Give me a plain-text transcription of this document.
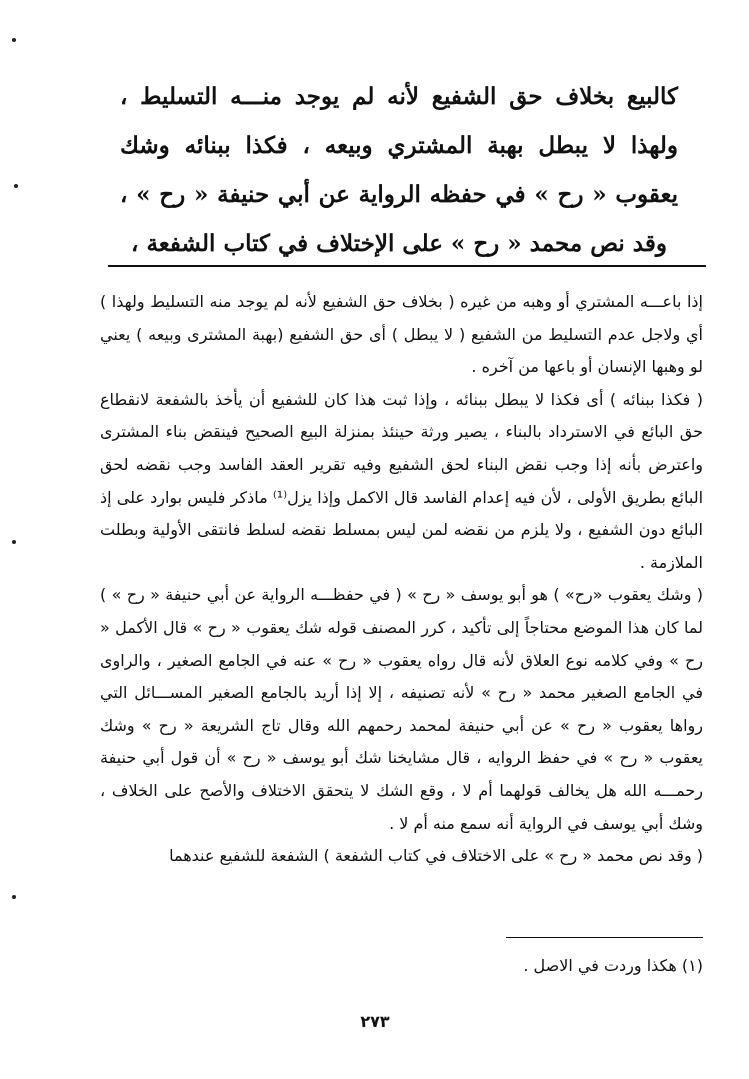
كالبيع بخلاف حق الشفيع لأنه لم يوجد منـــه التسليط ، ولهذا لا يبطل بهبة المشتري وبيعه ، فكذا ببنائه وشك يعقوب « رح » في حفظه الرواية عن أبي حنيفة « رح » ، وقد نص محمد « رح » على الإختلاف في كتاب الشفعة ،

إذا باعـــه المشتري أو وهبه من غيره ( بخلاف حق الشفيع لأنه لم يوجد منه التسليط ولهذا ) أي ولاجل عدم التسليط من الشفيع ( لا يبطل ) أى حق الشفيع (بهبة المشترى وبيعه ) يعني لو وهبها الإنسان أو باعها من آخره .

( فكذا ببنائه ) أى فكذا لا يبطل ببنائه ، وإذا ثبت هذا كان للشفيع أن يأخذ بالشفعة لانقطاع حق البائع في الاسترداد بالبناء ، يصير ورثة حينئذ بمنزلة البيع الصحيح فينقض بناء المشترى واعترض بأنه إذا وجب نقض البناء لحق الشفيع وفيه تقرير العقد الفاسد وجب نقضه لحق البائع بطريق الأولى ، لأن فيه إعدام الفاسد قال الاكمل وإذا يزل⁽¹⁾ ماذكر فليس بوارد على إذ البائع دون الشفيع ، ولا يلزم من نقضه لمن ليس بمسلط نقضه لسلط فانتقى الأولية وبطلت الملازمة .

( وشك يعقوب «رح» ) هو أبو يوسف « رح » ( في حفظـــه الرواية عن أبي حنيفة « رح » ) لما كان هذا الموضع محتاجاً إلى تأكيد ، كرر المصنف قوله شك يعقوب « رح » قال الأكمل « رح » وفي كلامه نوع العلاق لأنه قال رواه يعقوب « رح » عنه في الجامع الصغير ، والراوى في الجامع الصغير محمد « رح » لأنه تصنيفه ، إلا إذا أريد بالجامع الصغير المســـائل التي رواها يعقوب « رح » عن أبي حنيفة لمحمد رحمهم الله وقال تاج الشريعة « رح » وشك يعقوب « رح » في حفظ الروايه ، قال مشايخنا شك أبو يوسف « رح » أن قول أبي حنيفة رحمـــه الله هل يخالف قولهما أم لا ، وقع الشك لا يتحقق الاختلاف والأصح على الخلاف ، وشك أبي يوسف في الرواية أنه سمع منه أم لا .

( وقد نص محمد « رح » على الاختلاف في كتاب الشفعة ) الشفعة للشفيع عندهما

(١) هكذا وردت في الاصل .
٢٧٣
